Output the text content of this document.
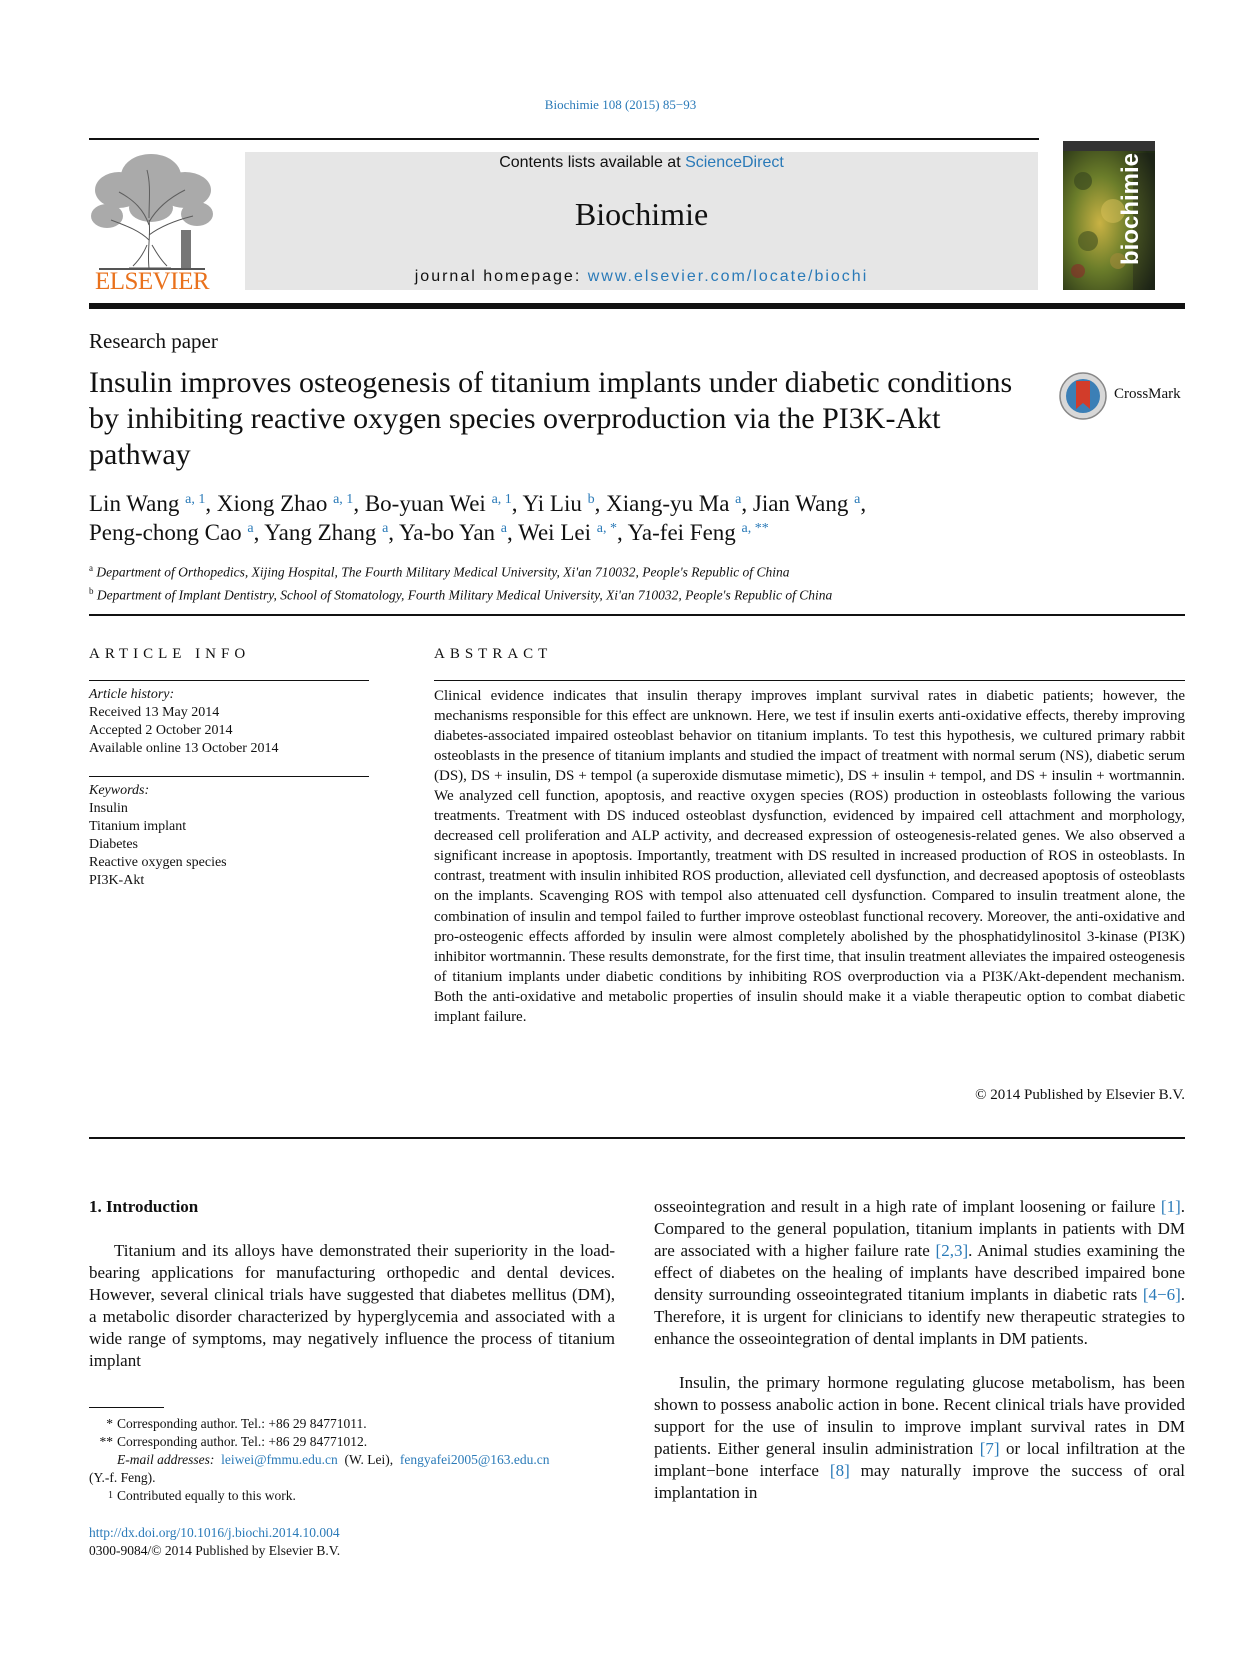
Biochimie 108 (2015) 85−93
ELSEVIER
Contents lists available at ScienceDirect
Biochimie
journal homepage: www.elsevier.com/locate/biochi
biochimie
Research paper
Insulin improves osteogenesis of titanium implants under diabetic conditions by inhibiting reactive oxygen species overproduction via the PI3K-Akt pathway
CrossMark
Lin Wang $^{a, 1}$, Xiong Zhao $^{a, 1}$, Bo-yuan Wei $^{a, 1}$, Yi Liu $^b$, Xiang-yu Ma $^a$, Jian Wang $^a$,
Peng-chong Cao $^a$, Yang Zhang $^a$, Ya-bo Yan $^a$, Wei Lei $^{a, *}$, Ya-fei Feng $^{a, **}$
$^a$ Department of Orthopedics, Xijing Hospital, The Fourth Military Medical University, Xi'an 710032, People's Republic of China
$^b$ Department of Implant Dentistry, School of Stomatology, Fourth Military Medical University, Xi'an 710032, People's Republic of China
ARTICLE INFO
Article history:
Received 13 May 2014
Accepted 2 October 2014
Available online 13 October 2014
Keywords:
Insulin
Titanium implant
Diabetes
Reactive oxygen species
PI3K-Akt
ABSTRACT
Clinical evidence indicates that insulin therapy improves implant survival rates in diabetic patients; however, the mechanisms responsible for this effect are unknown. Here, we test if insulin exerts anti-oxidative effects, thereby improving diabetes-associated impaired osteoblast behavior on titanium implants. To test this hypothesis, we cultured primary rabbit osteoblasts in the presence of titanium implants and studied the impact of treatment with normal serum (NS), diabetic serum (DS), DS + insulin, DS + tempol (a superoxide dismutase mimetic), DS + insulin + tempol, and DS + insulin + wortmannin. We analyzed cell function, apoptosis, and reactive oxygen species (ROS) production in osteoblasts following the various treatments. Treatment with DS induced osteoblast dysfunction, evidenced by impaired cell attachment and morphology, decreased cell proliferation and ALP activity, and decreased expression of osteogenesis-related genes. We also observed a significant increase in apoptosis. Importantly, treatment with DS resulted in increased production of ROS in osteoblasts. In contrast, treatment with insulin inhibited ROS production, alleviated cell dysfunction, and decreased apoptosis of osteoblasts on the implants. Scavenging ROS with tempol also attenuated cell dysfunction. Compared to insulin treatment alone, the combination of insulin and tempol failed to further improve osteoblast functional recovery. Moreover, the anti-oxidative and pro-osteogenic effects afforded by insulin were almost completely abolished by the phosphatidylinositol 3-kinase (PI3K) inhibitor wortmannin. These results demonstrate, for the first time, that insulin treatment alleviates the impaired osteogenesis of titanium implants under diabetic conditions by inhibiting ROS overproduction via a PI3K/Akt-dependent mechanism. Both the anti-oxidative and metabolic properties of insulin should make it a viable therapeutic option to combat diabetic implant failure.
© 2014 Published by Elsevier B.V.
1. Introduction
Titanium and its alloys have demonstrated their superiority in the load-bearing applications for manufacturing orthopedic and dental devices. However, several clinical trials have suggested that diabetes mellitus (DM), a metabolic disorder characterized by hyperglycemia and associated with a wide range of symptoms, may negatively influence the process of titanium implant
osseointegration and result in a high rate of implant loosening or failure [1]. Compared to the general population, titanium implants in patients with DM are associated with a higher failure rate [2,3]. Animal studies examining the effect of diabetes on the healing of implants have described impaired bone density surrounding osseointegrated titanium implants in diabetic rats [4−6]. Therefore, it is urgent for clinicians to identify new therapeutic strategies to enhance the osseointegration of dental implants in DM patients.
Insulin, the primary hormone regulating glucose metabolism, has been shown to possess anabolic action in bone. Recent clinical trials have provided support for the use of insulin to improve implant survival rates in DM patients. Either general insulin administration [7] or local infiltration at the implant−bone interface [8] may naturally improve the success of oral implantation in
* Corresponding author. Tel.: +86 29 84771011.
** Corresponding author. Tel.: +86 29 84771012.
E-mail addresses: leiwei@fmmu.edu.cn (W. Lei), fengyafei2005@163.edu.cn
(Y.-f. Feng).
1 Contributed equally to this work.
http://dx.doi.org/10.1016/j.biochi.2014.10.004
0300-9084/© 2014 Published by Elsevier B.V.
